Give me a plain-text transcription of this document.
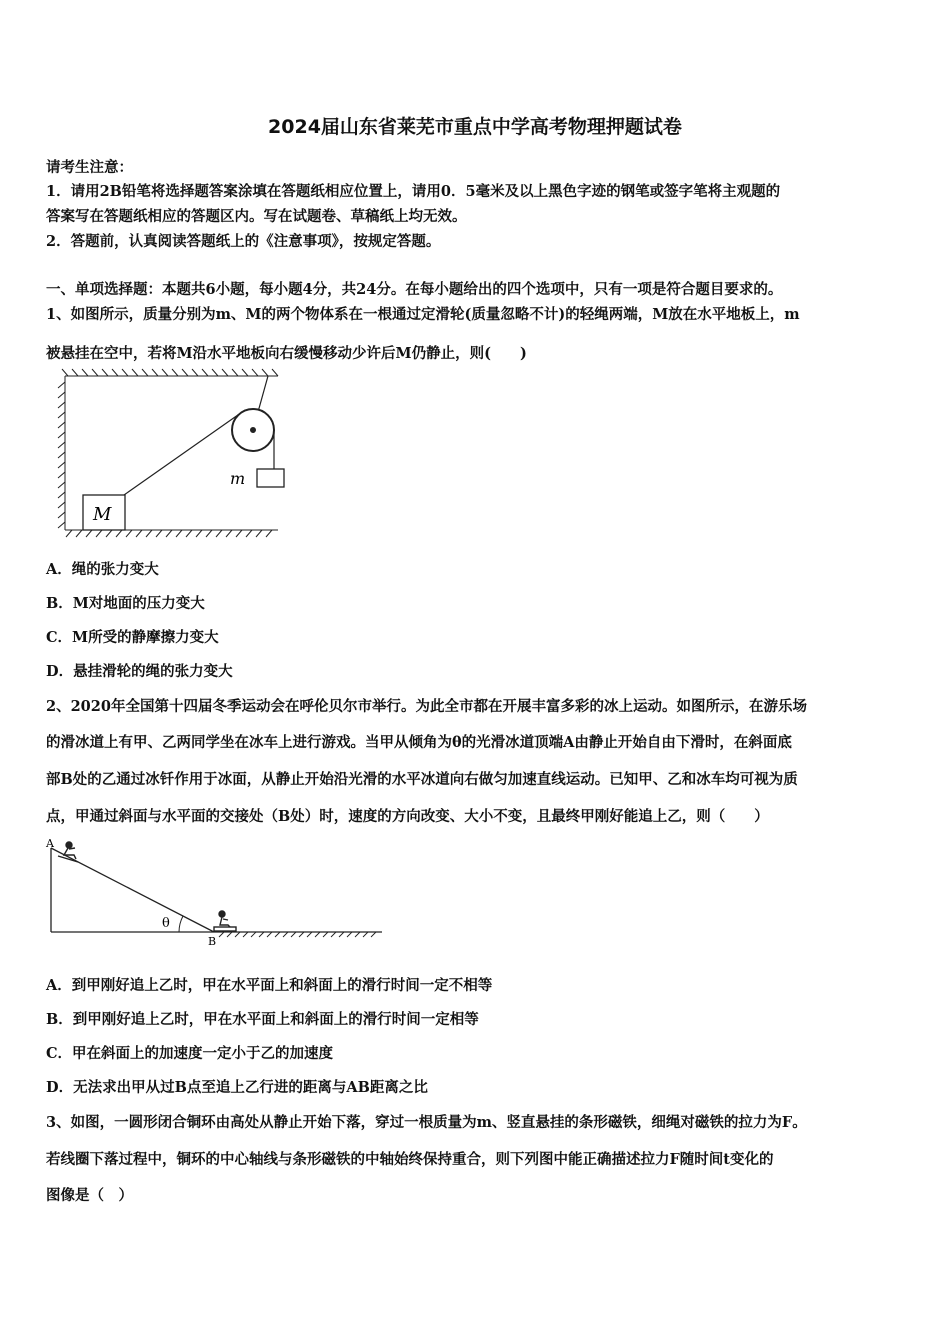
2024届山东省莱芜市重点中学高考物理押题试卷
请考生注意：
1．请用2B铅笔将选择题答案涂填在答题纸相应位置上，请用0．5毫米及以上黑色字迹的钢笔或签字笔将主观题的
答案写在答题纸相应的答题区内。写在试题卷、草稿纸上均无效。
2．答题前，认真阅读答题纸上的《注意事项》，按规定答题。
一、单项选择题：本题共6小题，每小题4分，共24分。在每小题给出的四个选项中，只有一项是符合题目要求的。
1、如图所示，质量分别为m、M的两个物体系在一根通过定滑轮(质量忽略不计)的轻绳两端，M放在水平地板上，m
被悬挂在空中，若将M沿水平地板向右缓慢移动少许后M仍静止，则(　　)
m
M
A．绳的张力变大
B．M对地面的压力变大
C．M所受的静摩擦力变大
D．悬挂滑轮的绳的张力变大
2、2020年全国第十四届冬季运动会在呼伦贝尔市举行。为此全市都在开展丰富多彩的冰上运动。如图所示，在游乐场
的滑冰道上有甲、乙两同学坐在冰车上进行游戏。当甲从倾角为θ的光滑冰道顶端A由静止开始自由下滑时，在斜面底
部B处的乙通过冰钎作用于冰面，从静止开始沿光滑的水平冰道向右做匀加速直线运动。已知甲、乙和冰车均可视为质
点，甲通过斜面与水平面的交接处（B处）时，速度的方向改变、大小不变，且最终甲刚好能追上乙，则（　　）
θ
A
B
A．到甲刚好追上乙时，甲在水平面上和斜面上的滑行时间一定不相等
B．到甲刚好追上乙时，甲在水平面上和斜面上的滑行时间一定相等
C．甲在斜面上的加速度一定小于乙的加速度
D．无法求出甲从过B点至追上乙行进的距离与AB距离之比
3、如图，一圆形闭合铜环由高处从静止开始下落，穿过一根质量为m、竖直悬挂的条形磁铁，细绳对磁铁的拉力为F。
若线圈下落过程中，铜环的中心轴线与条形磁铁的中轴始终保持重合，则下列图中能正确描述拉力F随时间t变化的
图像是（　）
